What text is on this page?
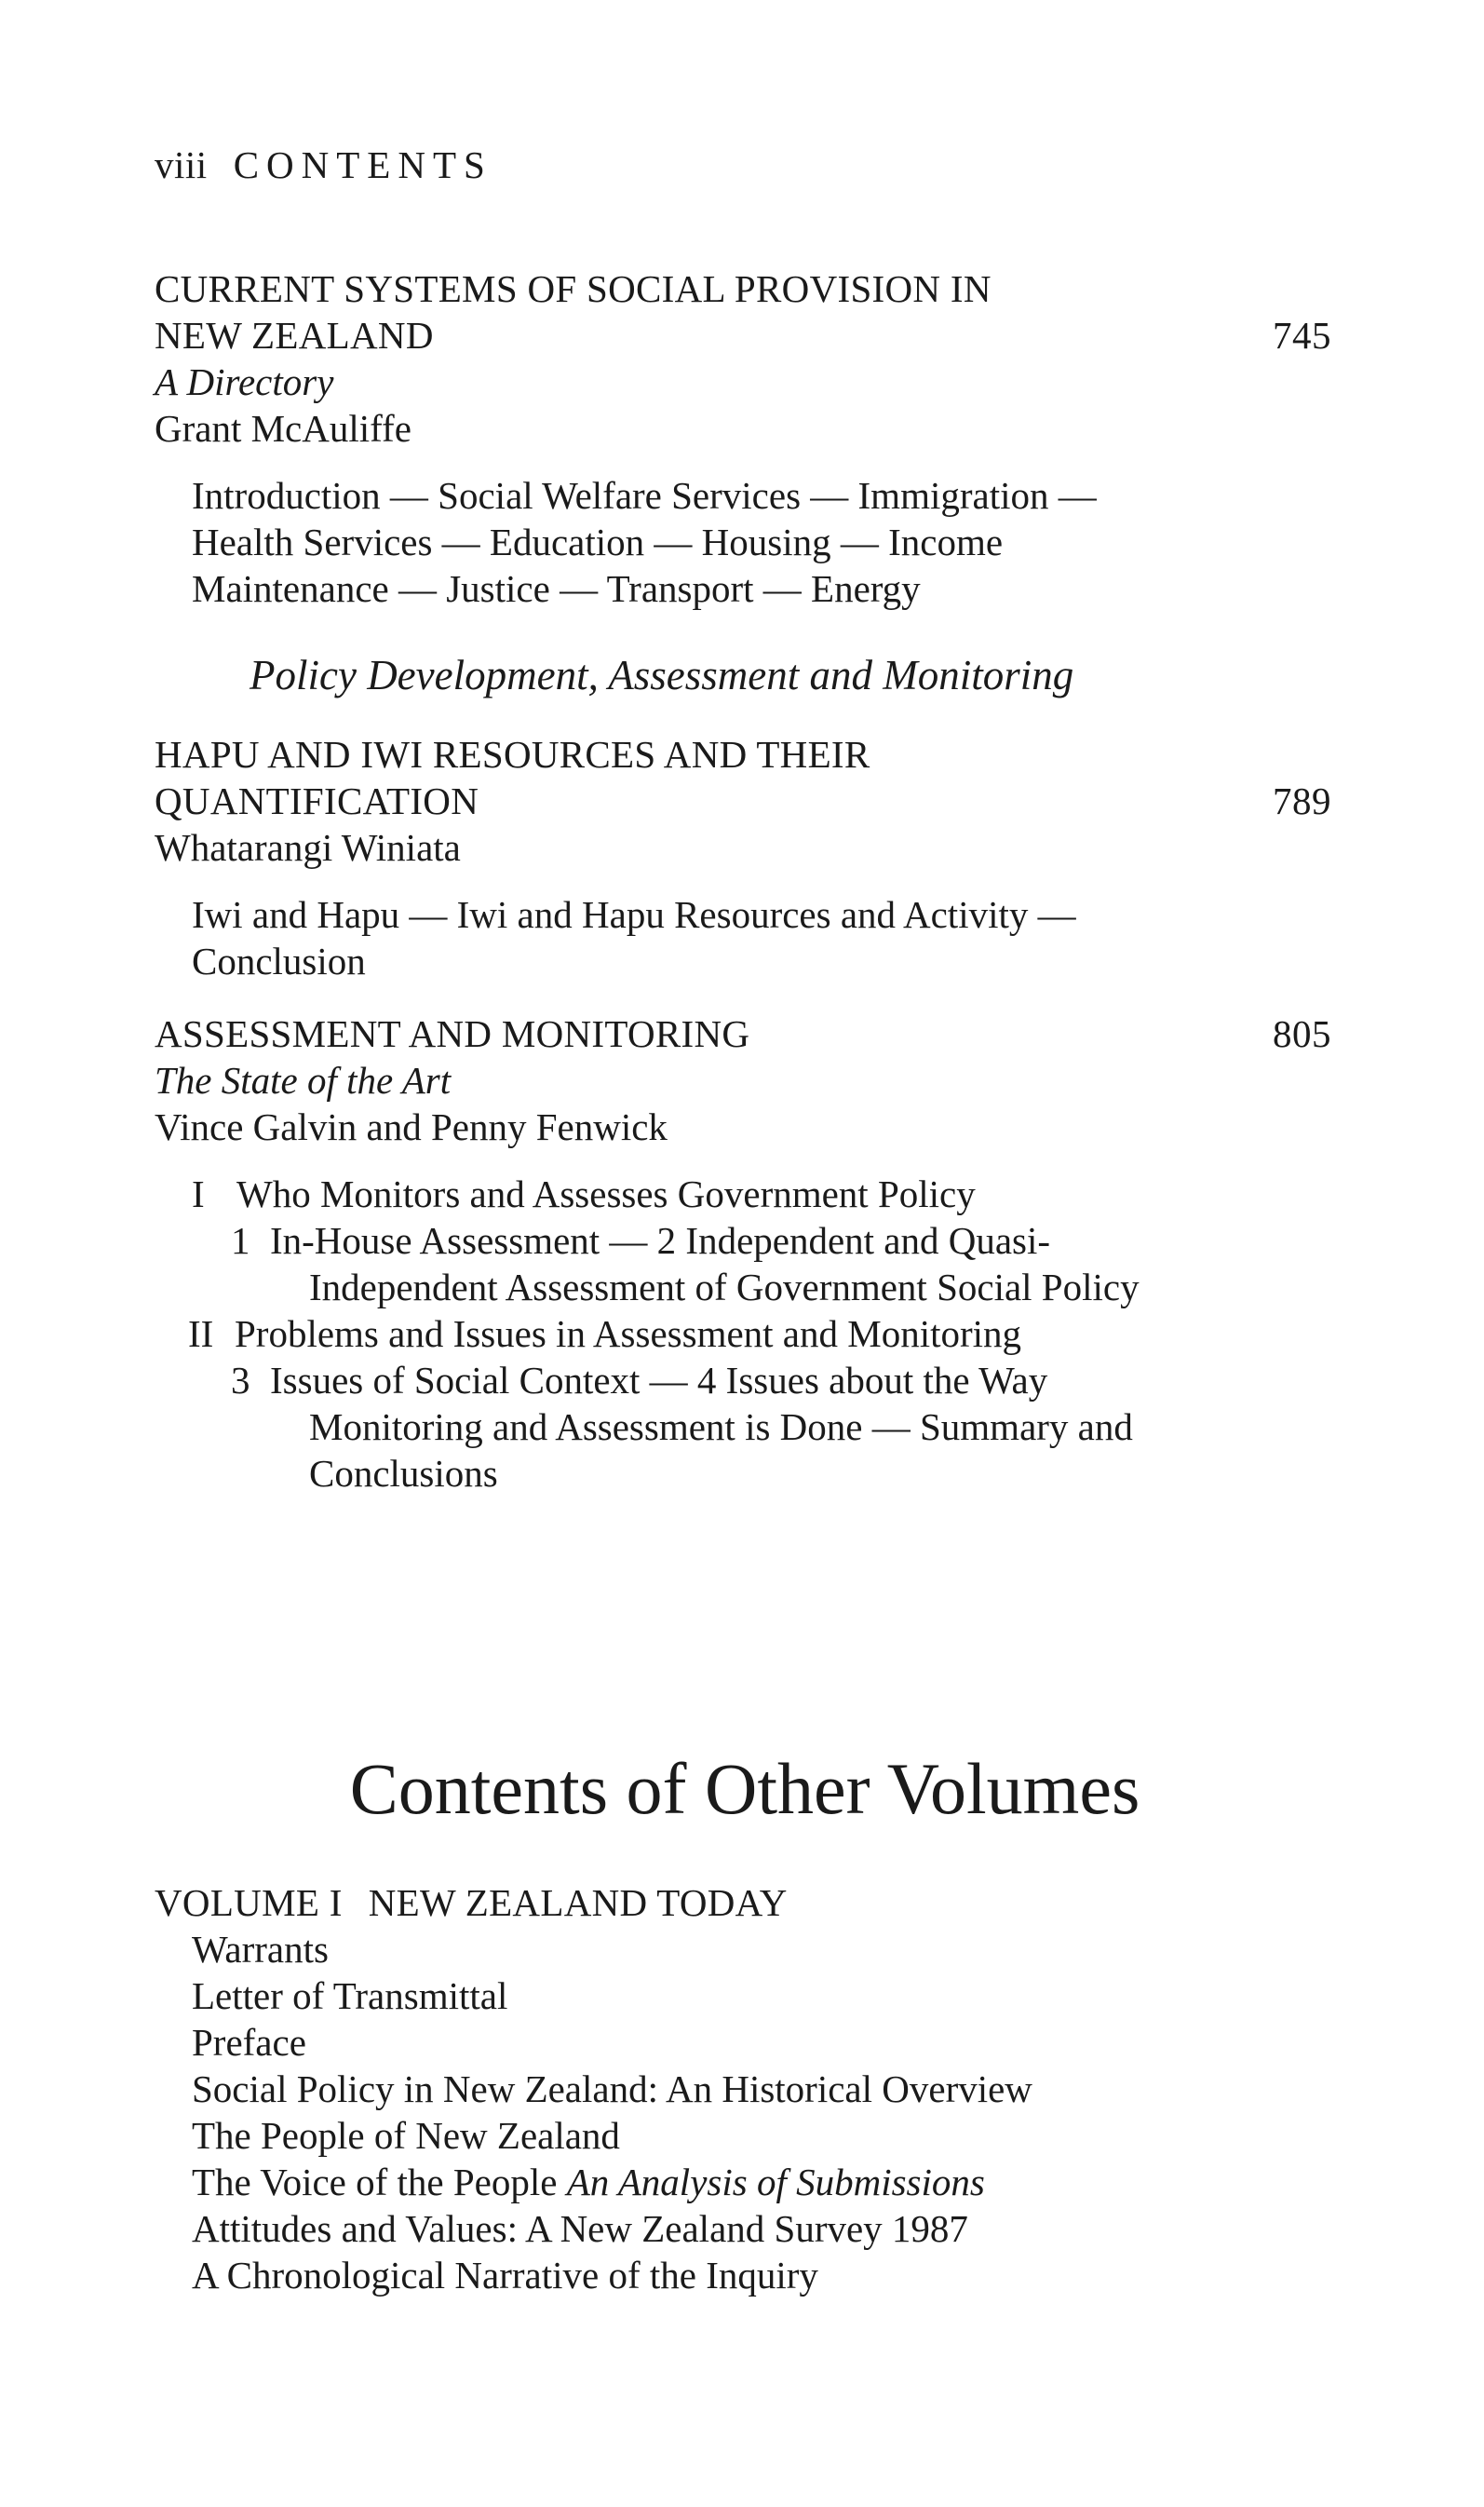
viii CONTENTS
CURRENT SYSTEMS OF SOCIAL PROVISION IN
NEW ZEALAND	745
A Directory
Grant McAuliffe
Introduction — Social Welfare Services — Immigration —
Health Services — Education — Housing — Income
Maintenance — Justice — Transport — Energy
Policy Development, Assessment and Monitoring
HAPU AND IWI RESOURCES AND THEIR
QUANTIFICATION	789
Whatarangi Winiata
Iwi and Hapu — Iwi and Hapu Resources and Activity —
Conclusion
ASSESSMENT AND MONITORING	805
The State of the Art
Vince Galvin and Penny Fenwick
I Who Monitors and Assesses Government Policy
1 In-House Assessment — 2 Independent and Quasi-
Independent Assessment of Government Social Policy
II Problems and Issues in Assessment and Monitoring
3 Issues of Social Context — 4 Issues about the Way
Monitoring and Assessment is Done — Summary and
Conclusions
Contents of Other Volumes
VOLUME I NEW ZEALAND TODAY
Warrants
Letter of Transmittal
Preface
Social Policy in New Zealand: An Historical Overview
The People of New Zealand
The Voice of the People An Analysis of Submissions
Attitudes and Values: A New Zealand Survey 1987
A Chronological Narrative of the Inquiry
